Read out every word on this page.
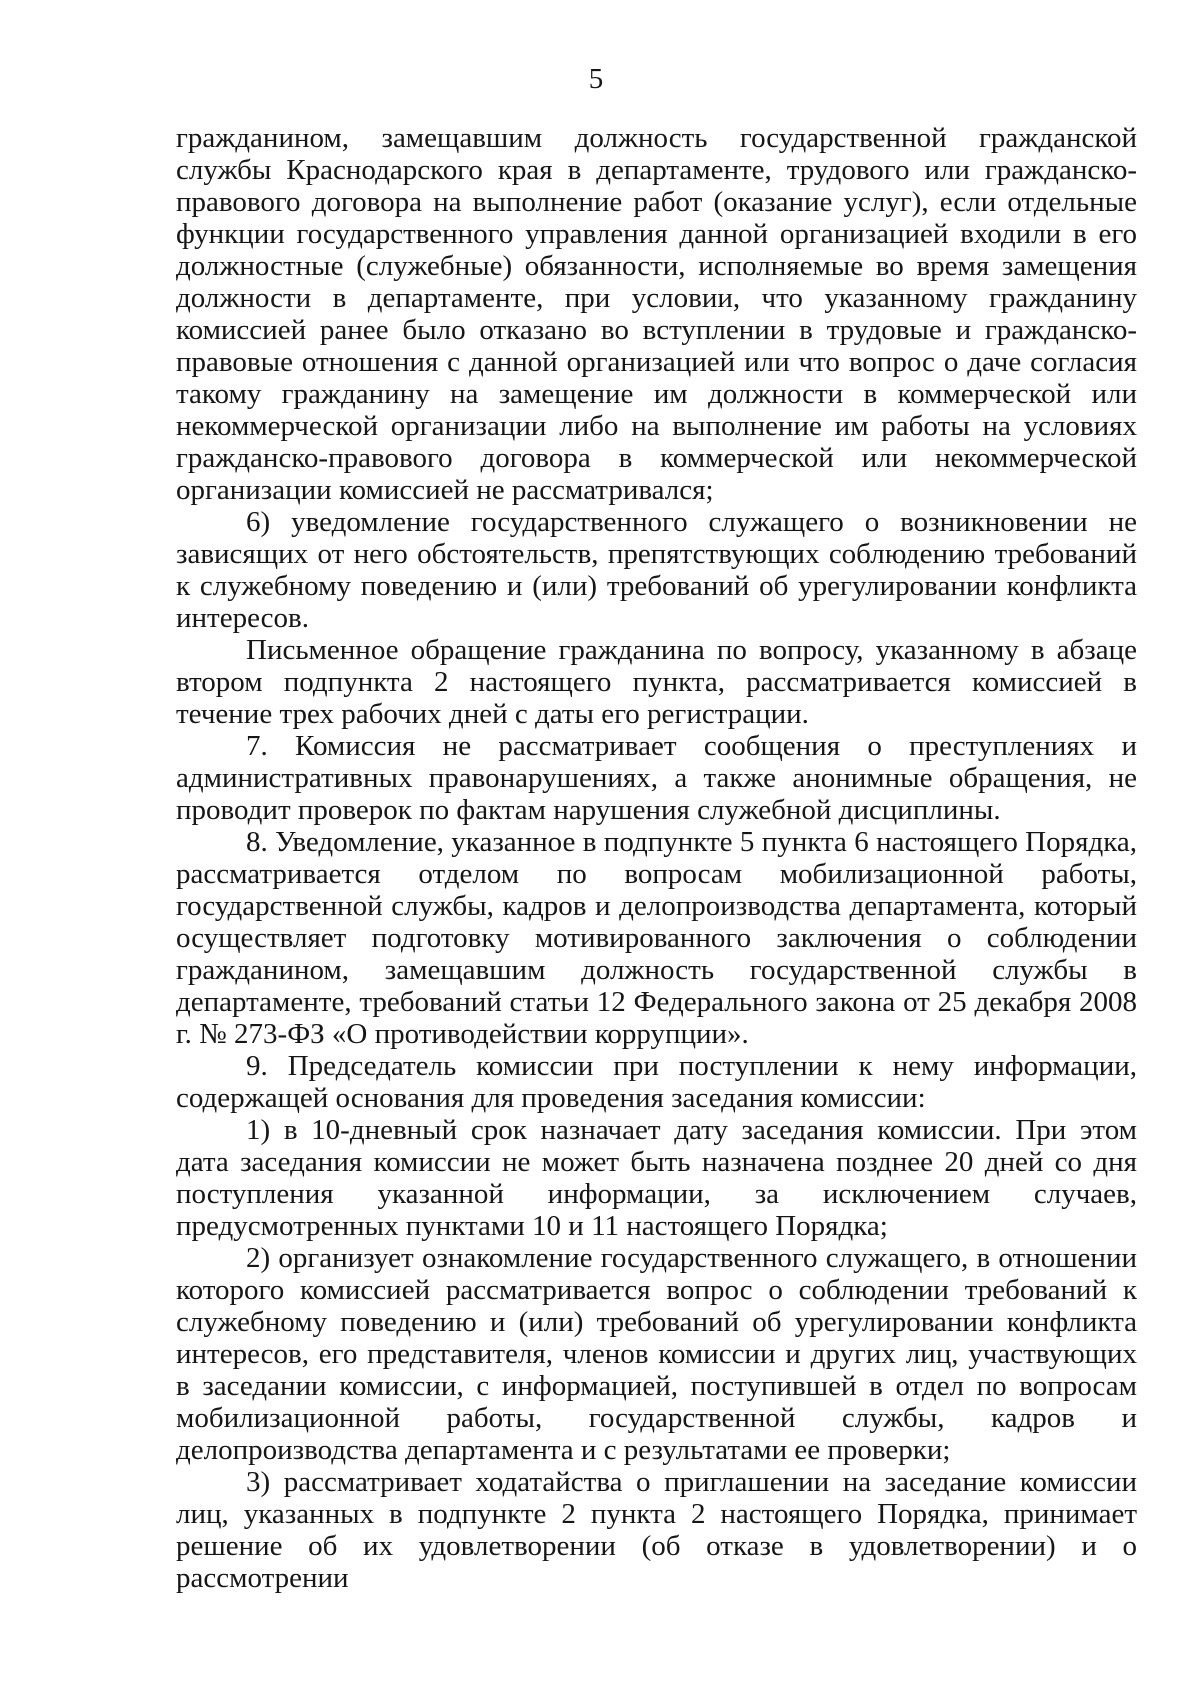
5

гражданином, замещавшим должность государственной гражданской службы Краснодарского края в департаменте, трудового или гражданско-правового договора на выполнение работ (оказание услуг), если отдельные функции государственного управления данной организацией входили в его должностные (служебные) обязанности, исполняемые во время замещения должности в департаменте, при условии, что указанному гражданину комиссией ранее было отказано во вступлении в трудовые и гражданско-правовые отношения с данной организацией или что вопрос о даче согласия такому гражданину на замещение им должности в коммерческой или некоммерческой организации либо на выполнение им работы на условиях гражданско-правового договора в коммерческой или некоммерческой организации комиссией не рассматривался;

6) уведомление государственного служащего о возникновении не зависящих от него обстоятельств, препятствующих соблюдению требований к служебному поведению и (или) требований об урегулировании конфликта интересов.

Письменное обращение гражданина по вопросу, указанному в абзаце втором подпункта 2 настоящего пункта, рассматривается комиссией в течение трех рабочих дней с даты его регистрации.

7. Комиссия не рассматривает сообщения о преступлениях и административных правонарушениях, а также анонимные обращения, не проводит проверок по фактам нарушения служебной дисциплины.

8. Уведомление, указанное в подпункте 5 пункта 6 настоящего Порядка, рассматривается отделом по вопросам мобилизационной работы, государственной службы, кадров и делопроизводства департамента, который осуществляет подготовку мотивированного заключения о соблюдении гражданином, замещавшим должность государственной службы в департаменте, требований статьи 12 Федерального закона от 25 декабря 2008 г. № 273-ФЗ «О противодействии коррупции».

9. Председатель комиссии при поступлении к нему информации, содержащей основания для проведения заседания комиссии:

1) в 10-дневный срок назначает дату заседания комиссии. При этом дата заседания комиссии не может быть назначена позднее 20 дней со дня поступления указанной информации, за исключением случаев, предусмотренных пунктами 10 и 11 настоящего Порядка;

2) организует ознакомление государственного служащего, в отношении которого комиссией рассматривается вопрос о соблюдении требований к служебному поведению и (или) требований об урегулировании конфликта интересов, его представителя, членов комиссии и других лиц, участвующих в заседании комиссии, с информацией, поступившей в отдел по вопросам мобилизационной работы, государственной службы, кадров и делопроизводства департамента и с результатами ее проверки;

3) рассматривает ходатайства о приглашении на заседание комиссии лиц, указанных в подпункте 2 пункта 2 настоящего Порядка, принимает решение об их удовлетворении (об отказе в удовлетворении) и о рассмотрении
